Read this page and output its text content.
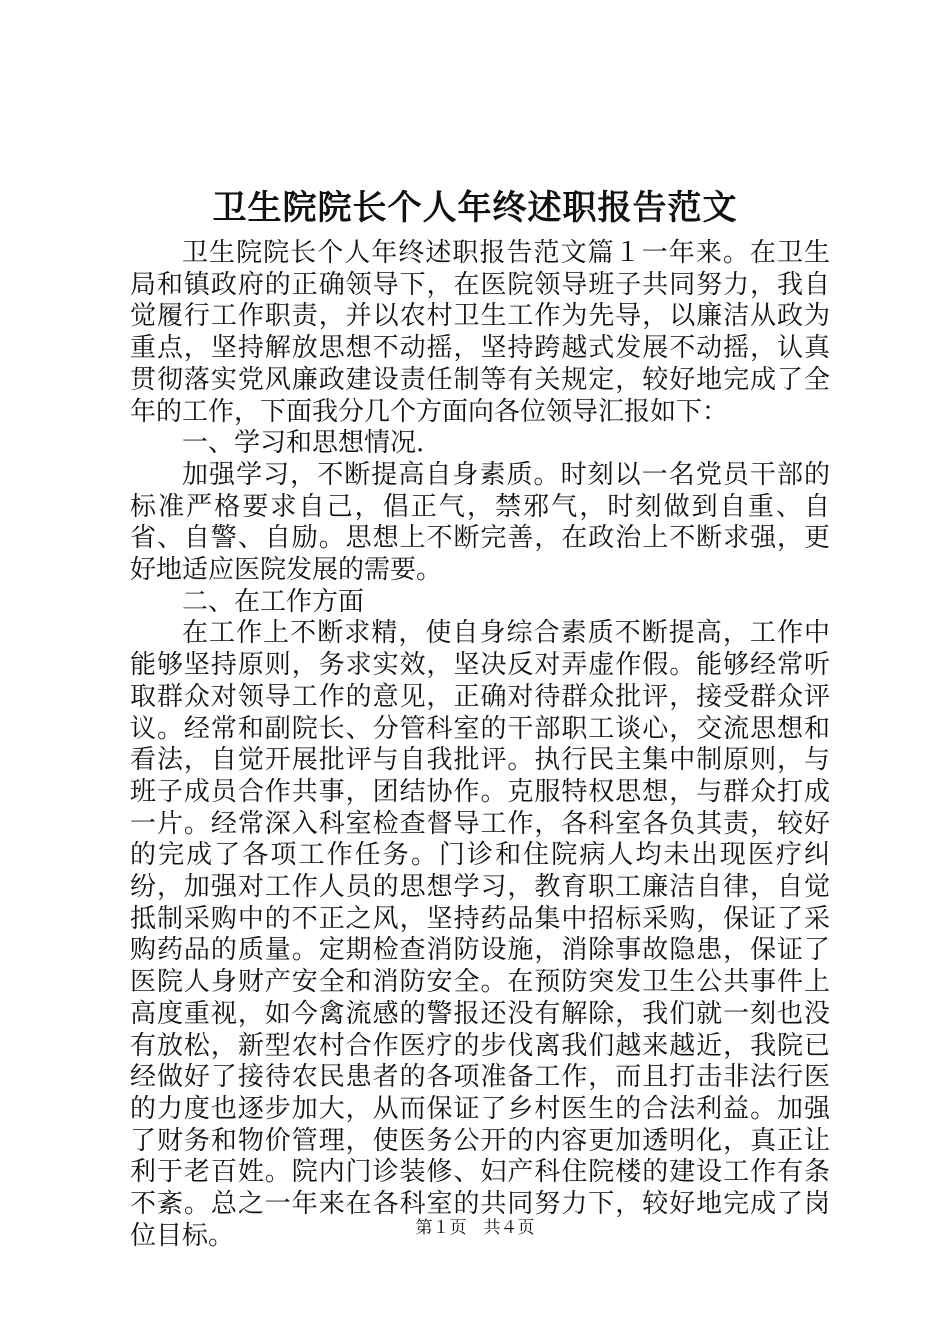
卫生院院长个人年终述职报告范文

卫生院院长个人年终述职报告范文篇１一年来。在卫生局和镇政府的正确领导下，在医院领导班子共同努力，我自觉履行工作职责，并以农村卫生工作为先导，以廉洁从政为重点，坚持解放思想不动摇，坚持跨越式发展不动摇，认真贯彻落实党风廉政建设责任制等有关规定，较好地完成了全年的工作，下面我分几个方面向各位领导汇报如下：

一、学习和思想情况.

加强学习，不断提高自身素质。时刻以一名党员干部的标准严格要求自己，倡正气，禁邪气，时刻做到自重、自省、自警、自励。思想上不断完善，在政治上不断求强，更好地适应医院发展的需要。

二、在工作方面

在工作上不断求精，使自身综合素质不断提高，工作中能够坚持原则，务求实效，坚决反对弄虚作假。能够经常听取群众对领导工作的意见，正确对待群众批评，接受群众评议。经常和副院长、分管科室的干部职工谈心，交流思想和看法，自觉开展批评与自我批评。执行民主集中制原则，与班子成员合作共事，团结协作。克服特权思想，与群众打成一片。经常深入科室检查督导工作，各科室各负其责，较好的完成了各项工作任务。门诊和住院病人均未出现医疗纠纷，加强对工作人员的思想学习，教育职工廉洁自律，自觉抵制采购中的不正之风，坚持药品集中招标采购，保证了采购药品的质量。定期检查消防设施，消除事故隐患，保证了医院人身财产安全和消防安全。在预防突发卫生公共事件上高度重视，如今禽流感的警报还没有解除，我们就一刻也没有放松，新型农村合作医疗的步伐离我们越来越近，我院已经做好了接待农民患者的各项准备工作，而且打击非法行医的力度也逐步加大，从而保证了乡村医生的合法利益。加强了财务和物价管理，使医务公开的内容更加透明化，真正让利于老百姓。院内门诊装修、妇产科住院楼的建设工作有条不紊。总之一年来在各科室的共同努力下，较好地完成了岗位目标。	第１页　共４页
